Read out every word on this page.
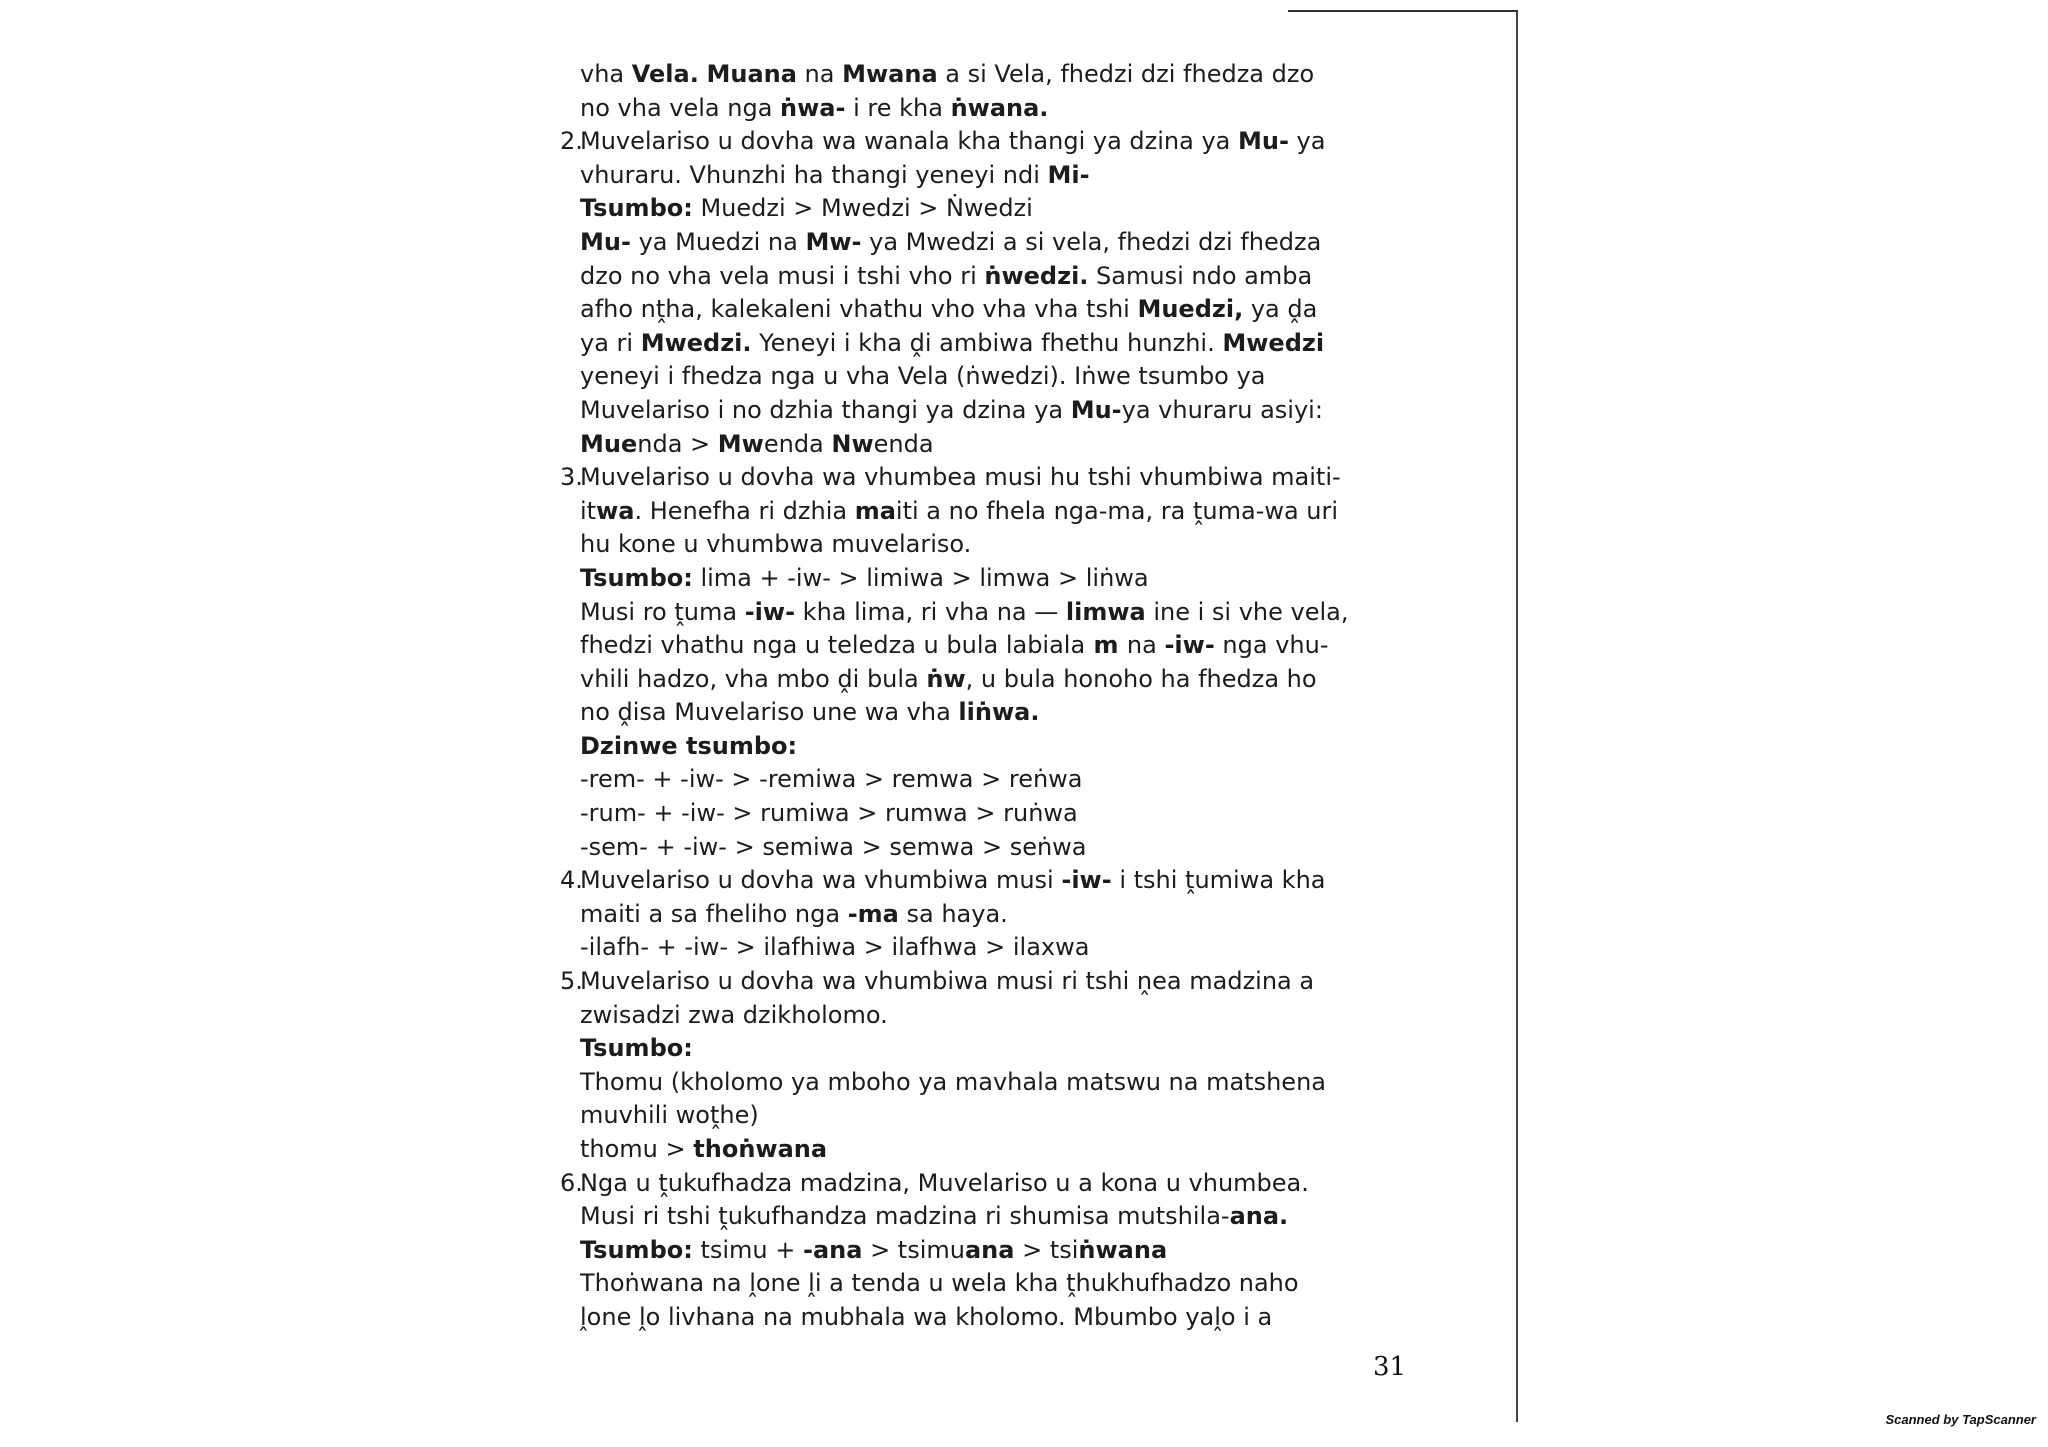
vha Vela. Muana na Mwana a si Vela, fhedzi dzi fhedza dzo
no vha vela nga ṅwa- i re kha ṅwana.
2.
Muvelariso u dovha wa wanala kha thangi ya dzina ya Mu- ya
vhuraru. Vhunzhi ha thangi yeneyi ndi Mi-
Tsumbo: Muedzi > Mwedzi > Ṅwedzi
Mu- ya Muedzi na Mw- ya Mwedzi a si vela, fhedzi dzi fhedza
dzo no vha vela musi i tshi vho ri ṅwedzi. Samusi ndo amba
afho nṱha, kalekaleni vhathu vho vha vha tshi Muedzi, ya ḓa
ya ri Mwedzi. Yeneyi i kha ḓi ambiwa fhethu hunzhi. Mwedzi
yeneyi i fhedza nga u vha Vela (ṅwedzi). Iṅwe tsumbo ya
Muvelariso i no dzhia thangi ya dzina ya Mu-ya vhuraru asiyi:
Muenda > Mwenda Nwenda
3.
Muvelariso u dovha wa vhumbea musi hu tshi vhumbiwa maiti-
itwa. Henefha ri dzhia maiti a no fhela nga-ma, ra ṱuma-wa uri
hu kone u vhumbwa muvelariso.
Tsumbo: lima + -iw- > limiwa > limwa > liṅwa
Musi ro ṱuma -iw- kha lima, ri vha na — limwa ine i si vhe vela,
fhedzi vhathu nga u teledza u bula labiala m na -iw- nga vhu-
vhili hadzo, vha mbo ḓi bula ṅw, u bula honoho ha fhedza ho
no ḓisa Muvelariso une wa vha liṅwa.
Dzinwe tsumbo:
-rem- + -iw- > -remiwa > remwa > reṅwa
-rum- + -iw- > rumiwa > rumwa > ruṅwa
-sem- + -iw- > semiwa > semwa > seṅwa
4.
Muvelariso u dovha wa vhumbiwa musi -iw- i tshi ṱumiwa kha
maiti a sa fheliho nga -ma sa haya.
-ilafh- + -iw- > ilafhiwa > ilafhwa > ilaxwa
5.
Muvelariso u dovha wa vhumbiwa musi ri tshi ṋea madzina a
zwisadzi zwa dzikholomo.
Tsumbo:
Thomu (kholomo ya mboho ya mavhala matswu na matshena
muvhili woṱhe)
thomu > thoṅwana
6.
Nga u ṱukufhadza madzina, Muvelariso u a kona u vhumbea.
Musi ri tshi ṱukufhandza madzina ri shumisa mutshila-ana.
Tsumbo: tsimu + -ana > tsimuana > tsiṅwana
Thoṅwana na ḽone ḽi a tenda u wela kha ṱhukhufhadzo naho
ḽone ḽo livhana na mubhala wa kholomo. Mbumbo yaḽo i a
31
Scanned by TapScanner
